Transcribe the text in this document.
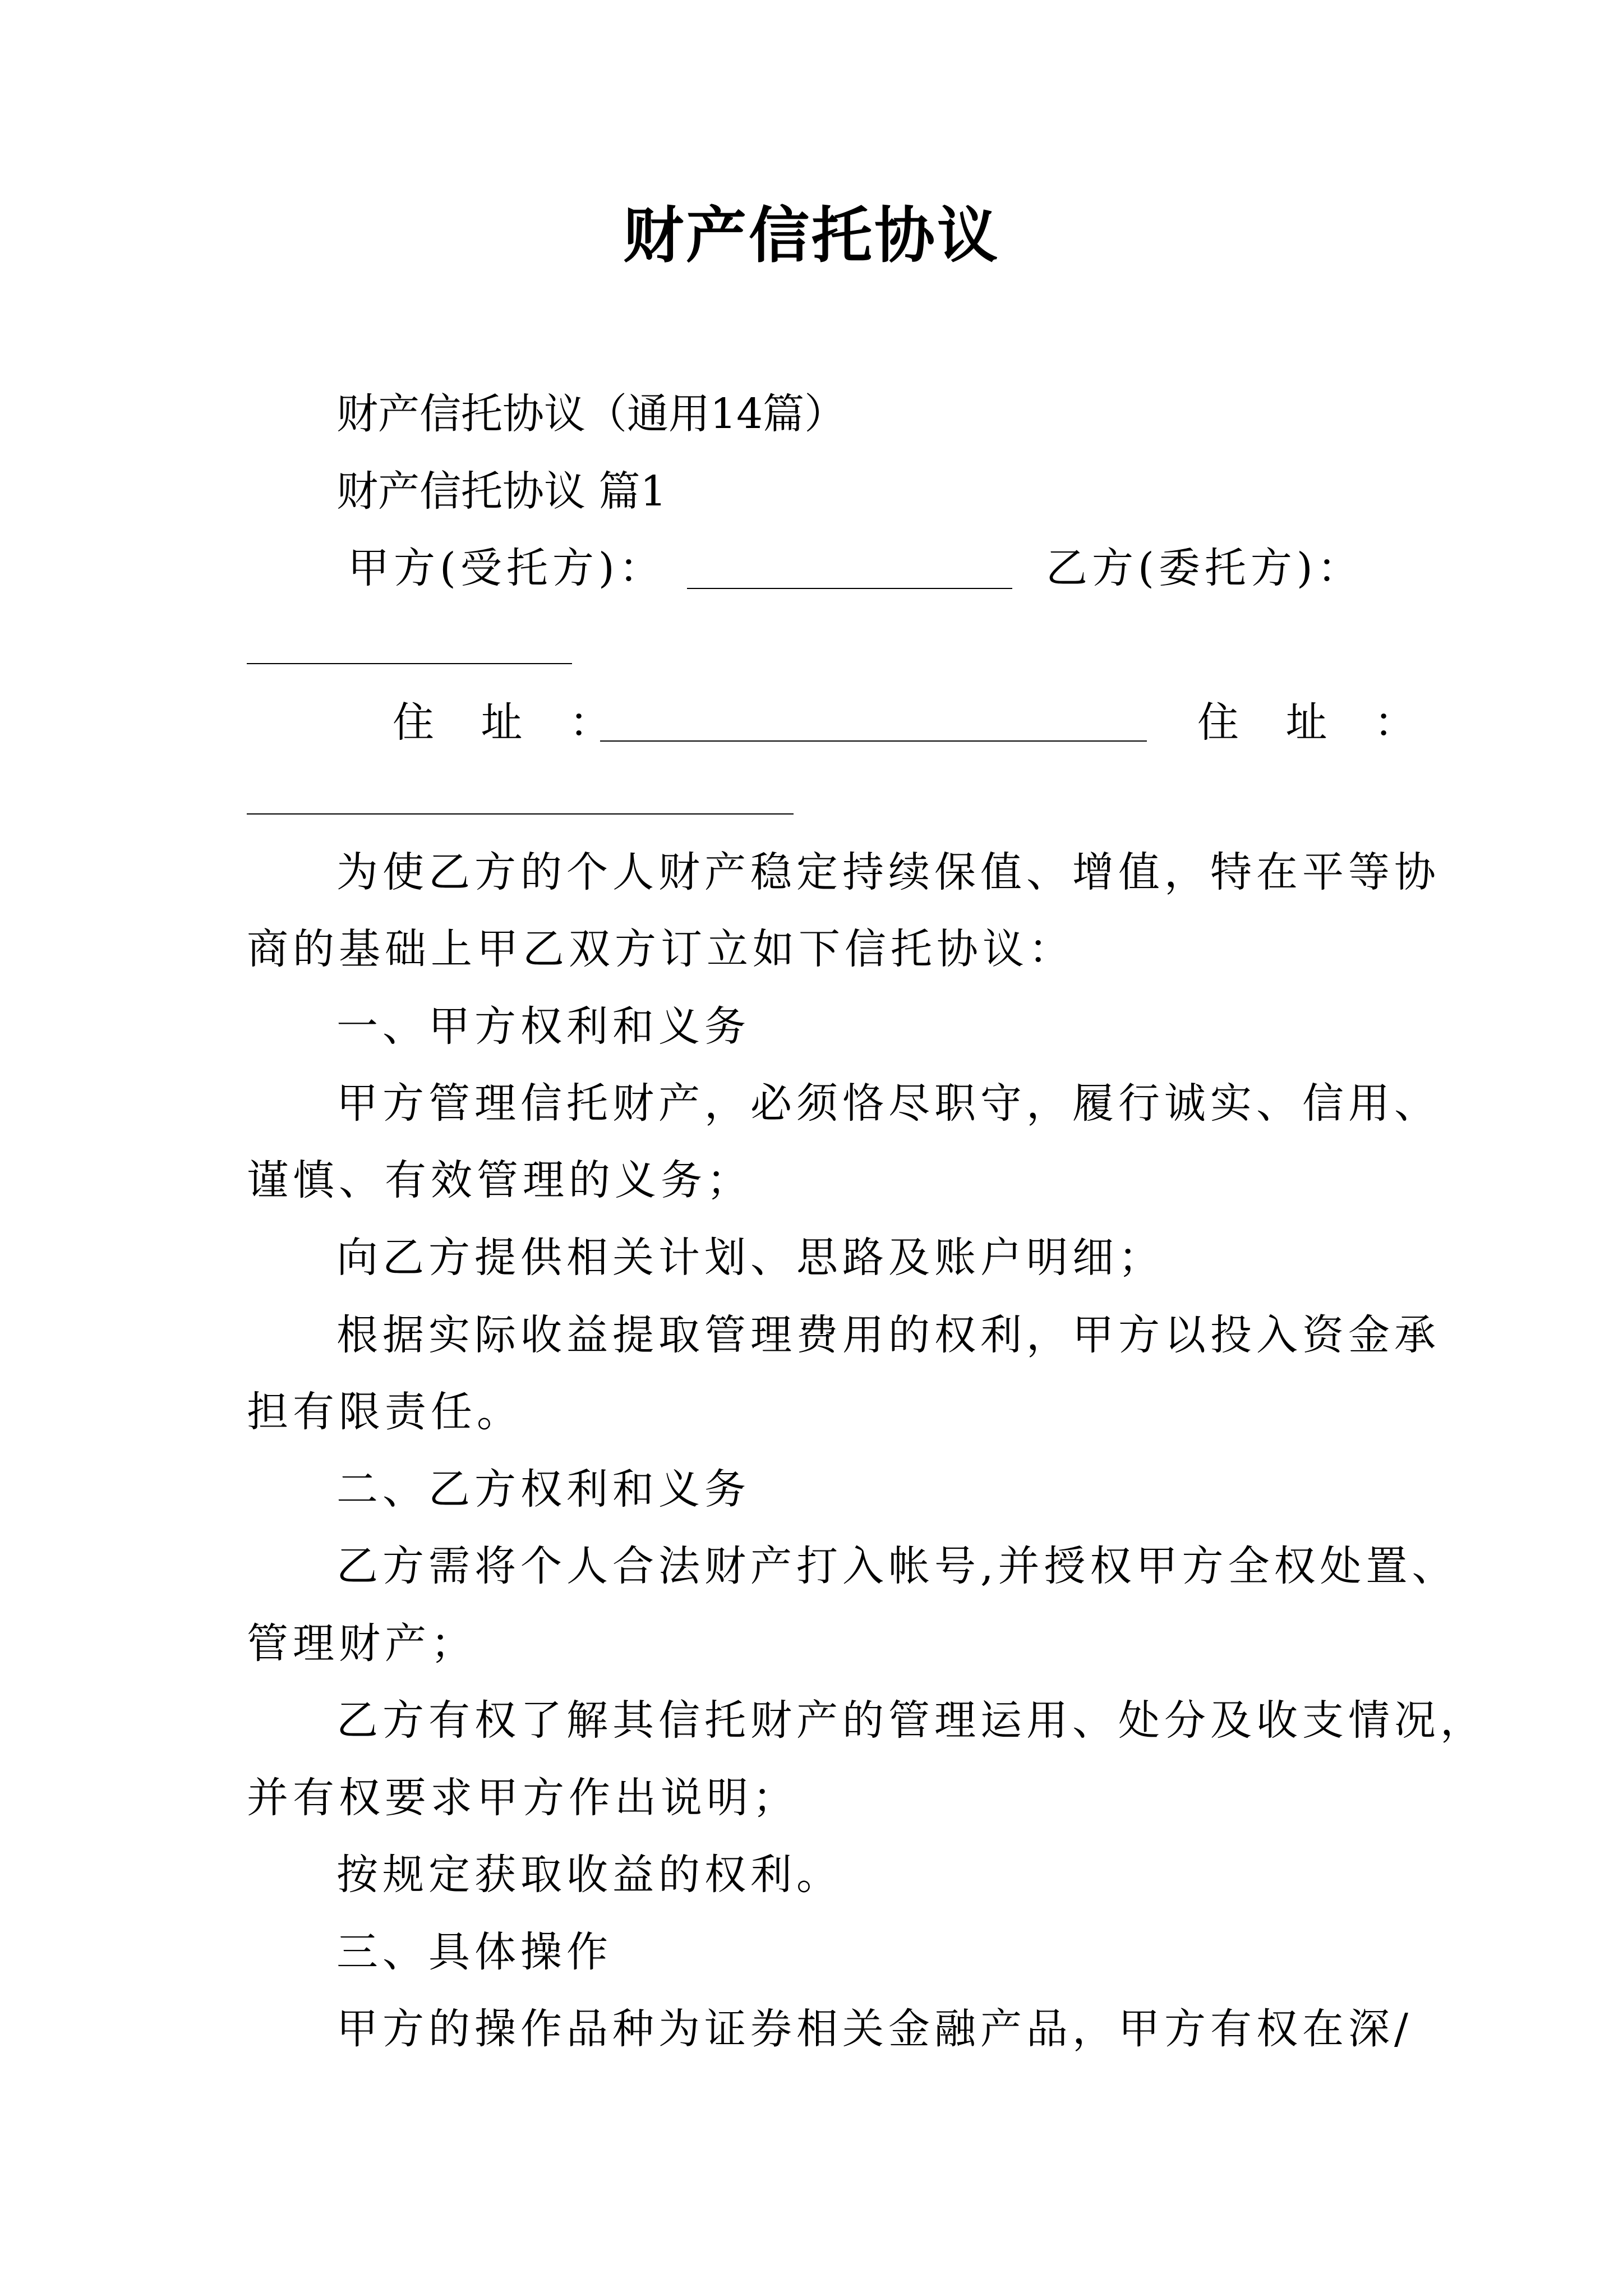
财产信托协议
财产信托协议（通用14篇）
财产信托协议 篇1
甲方(受托方)：	乙方(委托方)：
住 址 ：	住 址 ：
为使乙方的个人财产稳定持续保值、增值，特在平等协
商的基础上甲乙双方订立如下信托协议：
一、甲方权利和义务
甲方管理信托财产，必须恪尽职守，履行诚实、信用、
谨慎、有效管理的义务；
向乙方提供相关计划、思路及账户明细；
根据实际收益提取管理费用的权利，甲方以投入资金承
担有限责任。
二、乙方权利和义务
乙方需将个人合法财产打入帐号,并授权甲方全权处置、
管理财产；
乙方有权了解其信托财产的管理运用、处分及收支情况，
并有权要求甲方作出说明；
按规定获取收益的权利。
三、具体操作
甲方的操作品种为证券相关金融产品，甲方有权在深/
